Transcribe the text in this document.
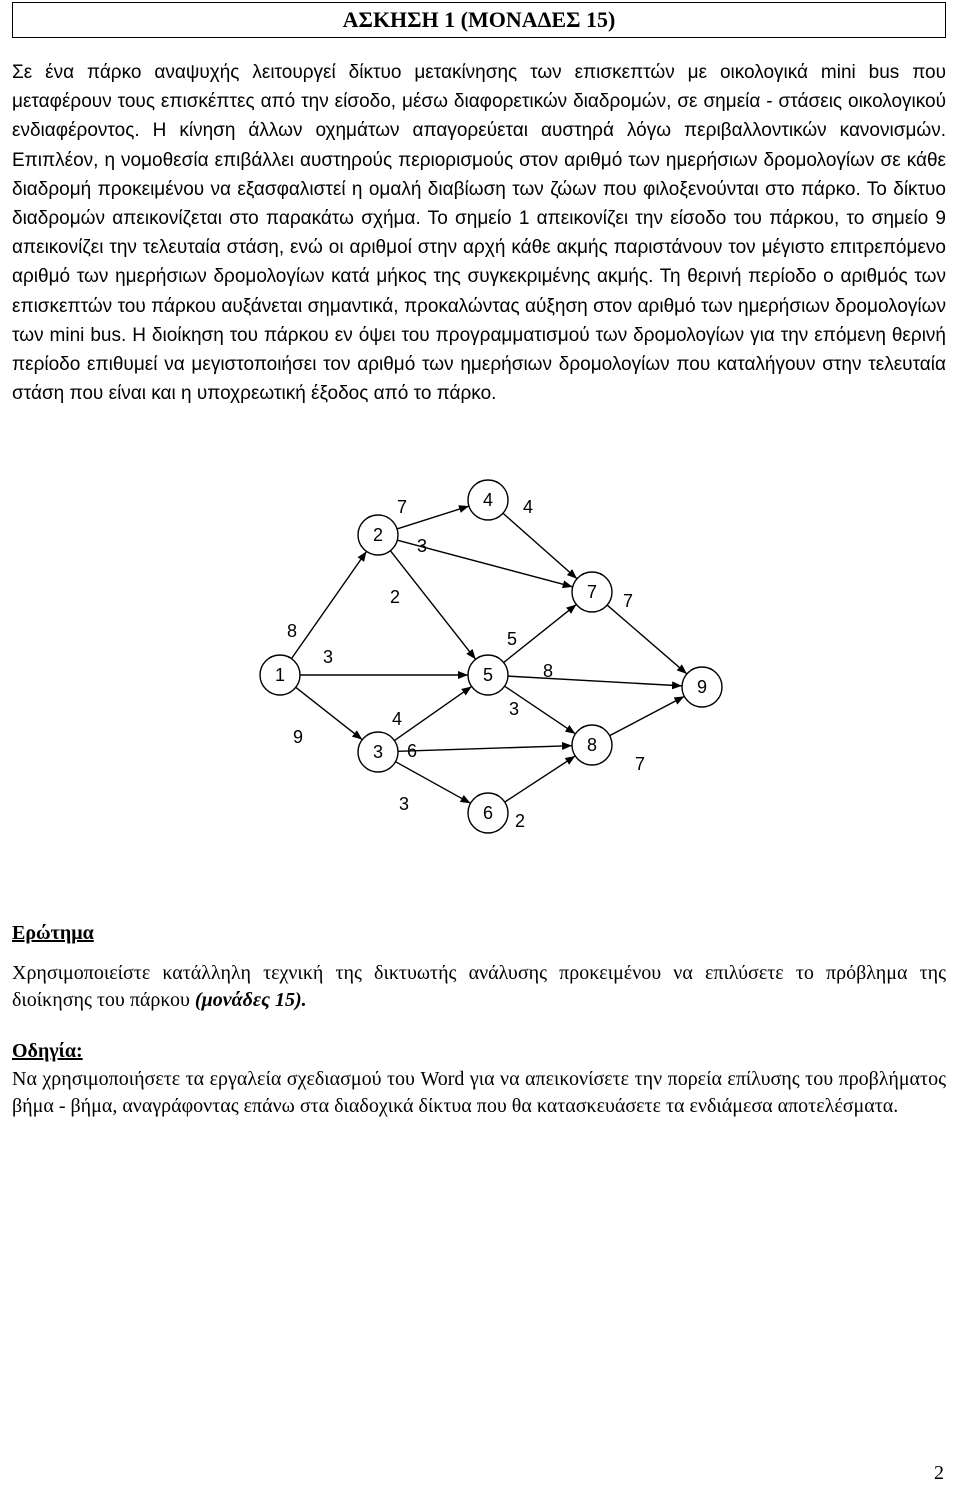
ΑΣΚΗΣΗ 1 (ΜΟΝΑΔΕΣ 15)

Σε ένα πάρκο αναψυχής λειτουργεί δίκτυο μετακίνησης των επισκεπτών με οικολογικά mini bus που μεταφέρουν τους επισκέπτες από την είσοδο, μέσω διαφορετικών διαδρομών, σε σημεία - στάσεις οικολογικού ενδιαφέροντος. Η κίνηση άλλων οχημάτων απαγορεύεται αυστηρά λόγω περιβαλλοντικών κανονισμών. Επιπλέον, η νομοθεσία επιβάλλει αυστηρούς περιορισμούς στον αριθμό των ημερήσιων δρομολογίων σε κάθε διαδρομή προκειμένου να εξασφαλιστεί η ομαλή διαβίωση των ζώων που φιλοξενούνται στο πάρκο. Το δίκτυο διαδρομών απεικονίζεται στο παρακάτω σχήμα. Το σημείο 1 απεικονίζει την είσοδο του πάρκου, το σημείο 9 απεικονίζει την τελευταία στάση, ενώ οι αριθμοί στην αρχή κάθε ακμής παριστάνουν τον μέγιστο επιτρεπόμενο αριθμό των ημερήσιων δρομολογίων κατά μήκος της συγκεκριμένης ακμής. Τη θερινή περίοδο ο αριθμός των επισκεπτών του πάρκου αυξάνεται σημαντικά, προκαλώντας αύξηση στον αριθμό των ημερήσιων δρομολογίων των mini bus. Η διοίκηση του πάρκου εν όψει του προγραμματισμού των δρομολογίων για την επόμενη θερινή περίοδο επιθυμεί να μεγιστοποιήσει τον αριθμό των ημερήσιων δρομολογίων που καταλήγουν στην τελευταία στάση που είναι και η υποχρεωτική έξοδος από το πάρκο.

8
3
9
7
3
2
4
6
3
4
5
8
3
2
7
7
1
2
3
4
5
6
7
8
9
Ερώτημα

Χρησιμοποιείστε κατάλληλη τεχνική της δικτυωτής ανάλυσης προκειμένου να επιλύσετε το πρόβλημα της διοίκησης του πάρκου (μονάδες 15).

Οδηγία:

Να χρησιμοποιήσετε τα εργαλεία σχεδιασμού του Word για να απεικονίσετε την πορεία επίλυσης του προβλήματος βήμα - βήμα, αναγράφοντας επάνω στα διαδοχικά δίκτυα που θα κατασκευάσετε τα ενδιάμεσα αποτελέσματα.

2
